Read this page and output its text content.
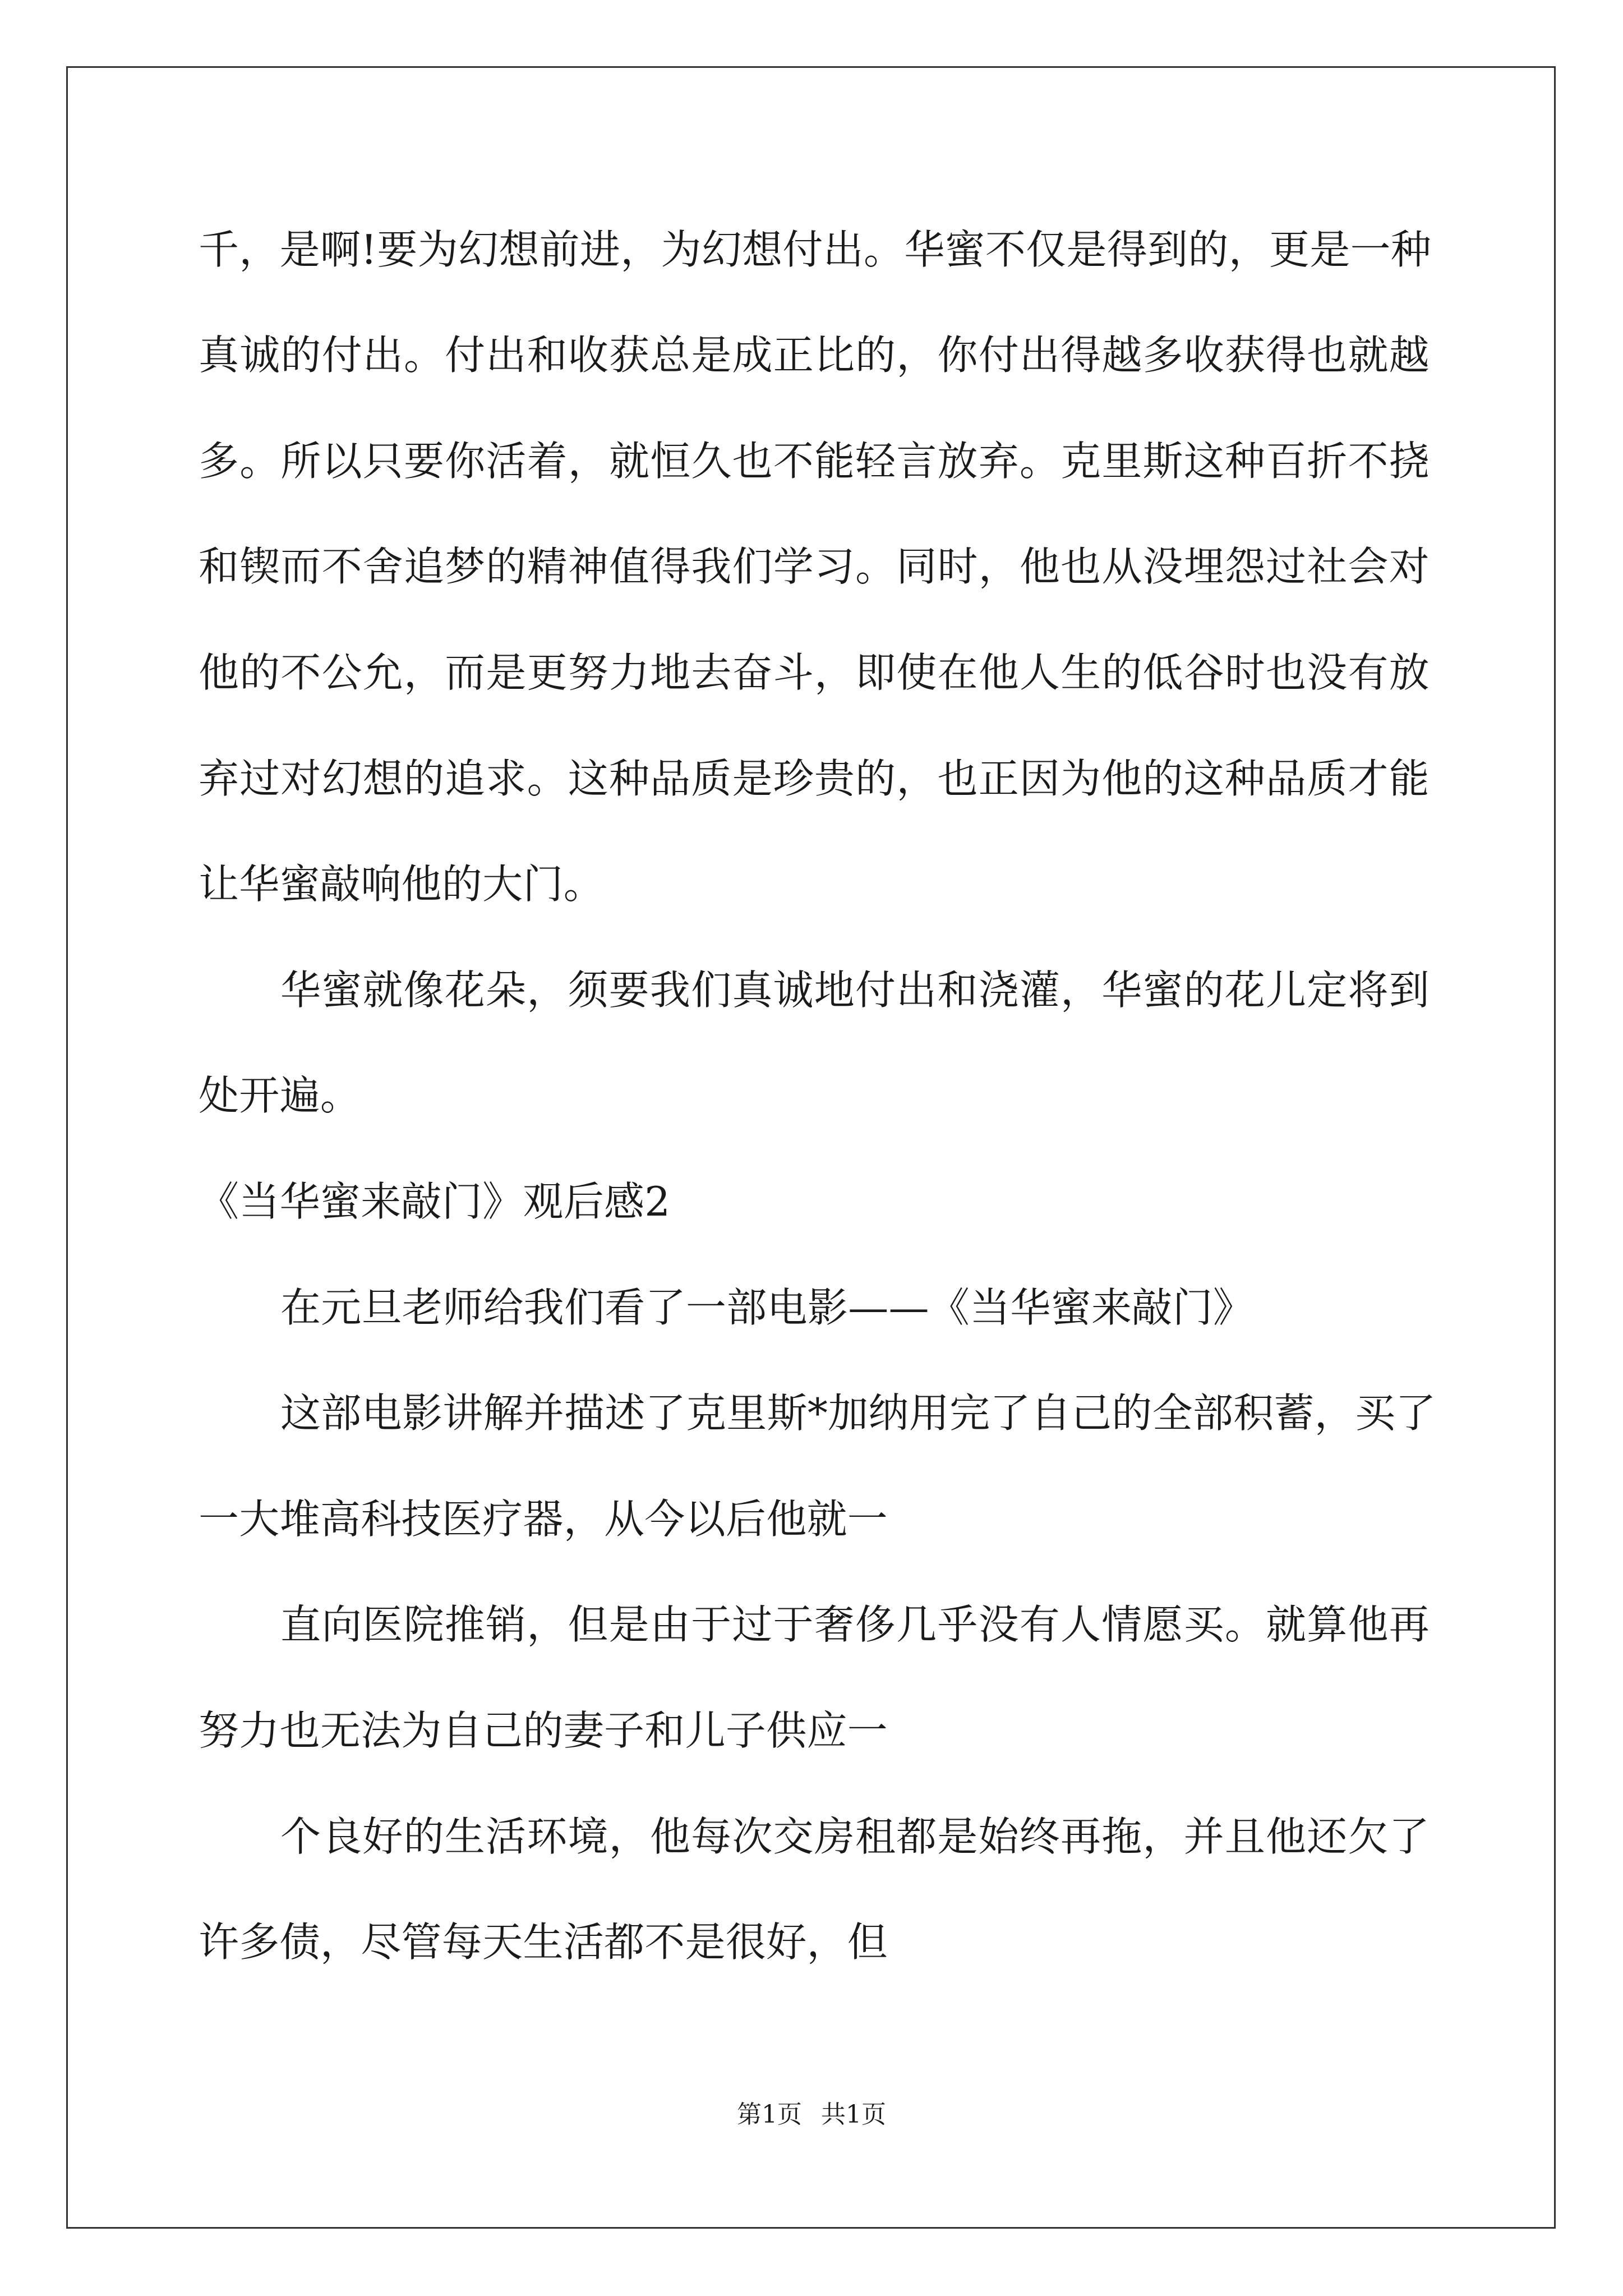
千，是啊!要为幻想前进，为幻想付出。华蜜不仅是得到的，更是一种
真诚的付出。付出和收获总是成正比的，你付出得越多收获得也就越
多。所以只要你活着，就恒久也不能轻言放弃。克里斯这种百折不挠
和锲而不舍追梦的精神值得我们学习。同时，他也从没埋怨过社会对
他的不公允，而是更努力地去奋斗，即使在他人生的低谷时也没有放
弃过对幻想的追求。这种品质是珍贵的，也正因为他的这种品质才能
让华蜜敲响他的大门。
华蜜就像花朵，须要我们真诚地付出和浇灌，华蜜的花儿定将到
处开遍。
《当华蜜来敲门》观后感2
在元旦老师给我们看了一部电影——《当华蜜来敲门》
这部电影讲解并描述了克里斯*加纳用完了自己的全部积蓄，买了
一大堆高科技医疗器，从今以后他就一
直向医院推销，但是由于过于奢侈几乎没有人情愿买。就算他再
努力也无法为自己的妻子和儿子供应一
个良好的生活环境，他每次交房租都是始终再拖，并且他还欠了
许多债，尽管每天生活都不是很好，但
第1页 共1页
